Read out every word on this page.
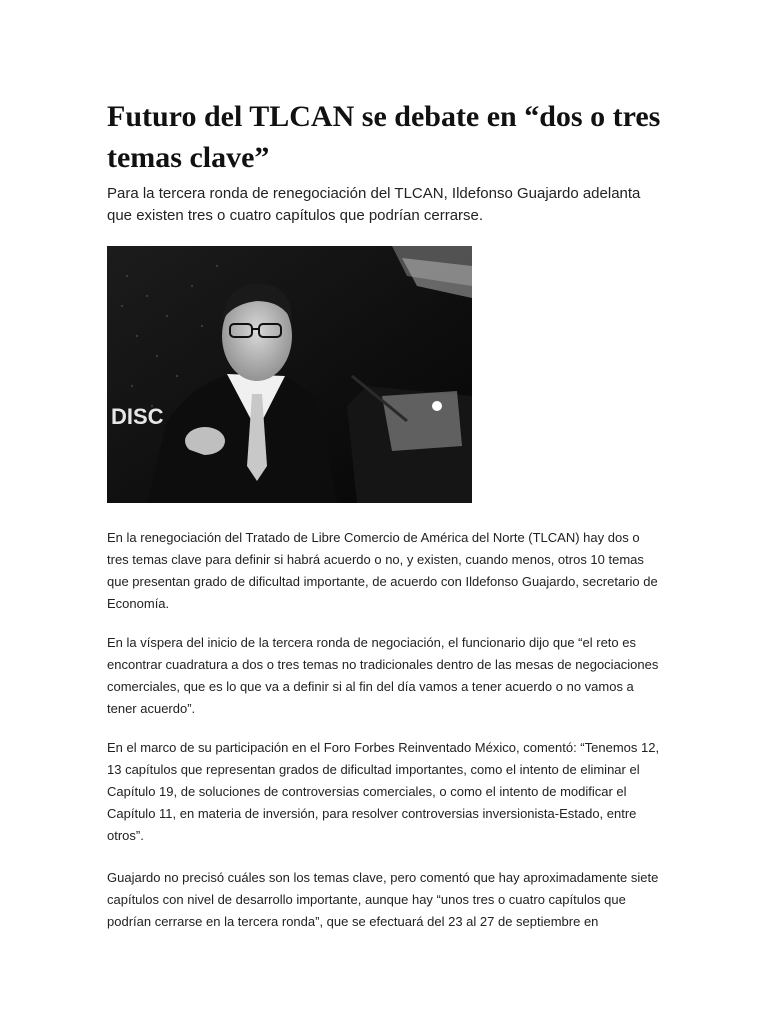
Futuro del TLCAN se debate en “dos o tres temas clave”

Para la tercera ronda de renegociación del TLCAN, Ildefonso Guajardo adelanta que existen tres o cuatro capítulos que podrían cerrarse.

DISC

En la renegociación del Tratado de Libre Comercio de América del Norte (TLCAN) hay dos o tres temas clave para definir si habrá acuerdo o no, y existen, cuando menos, otros 10 temas que presentan grado de dificultad importante, de acuerdo con Ildefonso Guajardo, secretario de Economía.

En la víspera del inicio de la tercera ronda de negociación, el funcionario dijo que “el reto es encontrar cuadratura a dos o tres temas no tradicionales dentro de las mesas de negociaciones comerciales, que es lo que va a definir si al fin del día vamos a tener acuerdo o no vamos a tener acuerdo”.

En el marco de su participación en el Foro Forbes Reinventado México, comentó: “Tenemos 12, 13 capítulos que representan grados de dificultad importantes, como el intento de eliminar el Capítulo 19, de soluciones de controversias comerciales, o como el intento de modificar el Capítulo 11, en materia de inversión, para resolver controversias inversionista-Estado, entre otros”.

Guajardo no precisó cuáles son los temas clave, pero comentó que hay aproximadamente siete capítulos con nivel de desarrollo importante, aunque hay “unos tres o cuatro capítulos que podrían cerrarse en la tercera ronda”, que se efectuará del 23 al 27 de septiembre en
